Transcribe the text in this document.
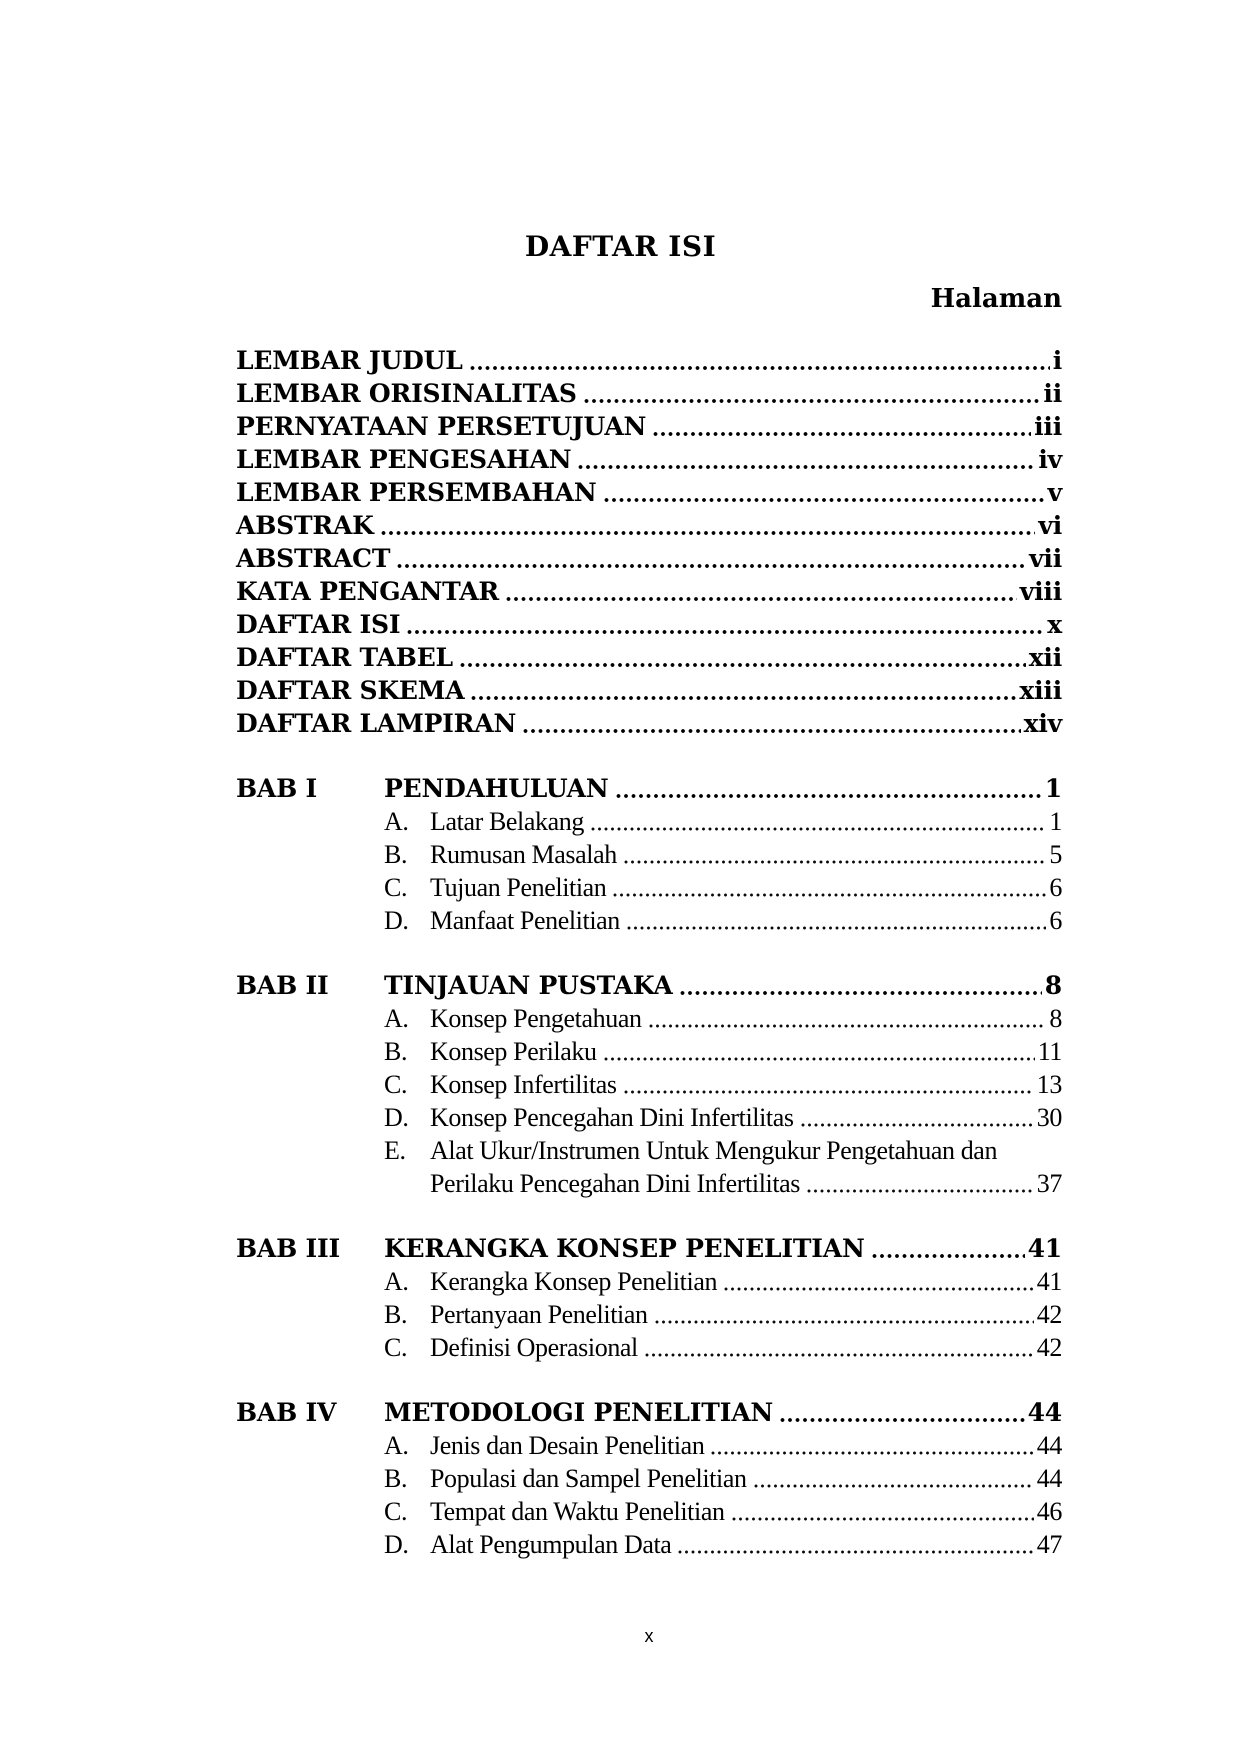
DAFTAR ISI
Halaman
LEMBAR JUDUL	i
LEMBAR ORISINALITAS	ii
PERNYATAAN PERSETUJUAN	iii
LEMBAR PENGESAHAN	iv
LEMBAR PERSEMBAHAN	v
ABSTRAK	vi
ABSTRACT	vii
KATA PENGANTAR	viii
DAFTAR ISI	x
DAFTAR TABEL	xii
DAFTAR SKEMA	xiii
DAFTAR LAMPIRAN	xiv
BAB I	PENDAHULUAN	1
A. Latar Belakang	1
B. Rumusan Masalah	5
C. Tujuan Penelitian	6
D. Manfaat Penelitian	6
BAB II	TINJAUAN PUSTAKA	8
A. Konsep Pengetahuan	8
B. Konsep Perilaku	11
C. Konsep Infertilitas	13
D. Konsep Pencegahan Dini Infertilitas	30
E. Alat Ukur/Instrumen Untuk Mengukur Pengetahuan dan
Perilaku Pencegahan Dini Infertilitas	37
BAB III	KERANGKA KONSEP PENELITIAN	41
A. Kerangka Konsep Penelitian	41
B. Pertanyaan Penelitian	42
C. Definisi Operasional	42
BAB IV	METODOLOGI PENELITIAN	44
A. Jenis dan Desain Penelitian	44
B. Populasi dan Sampel Penelitian	44
C. Tempat dan Waktu Penelitian	46
D. Alat Pengumpulan Data	47
x
